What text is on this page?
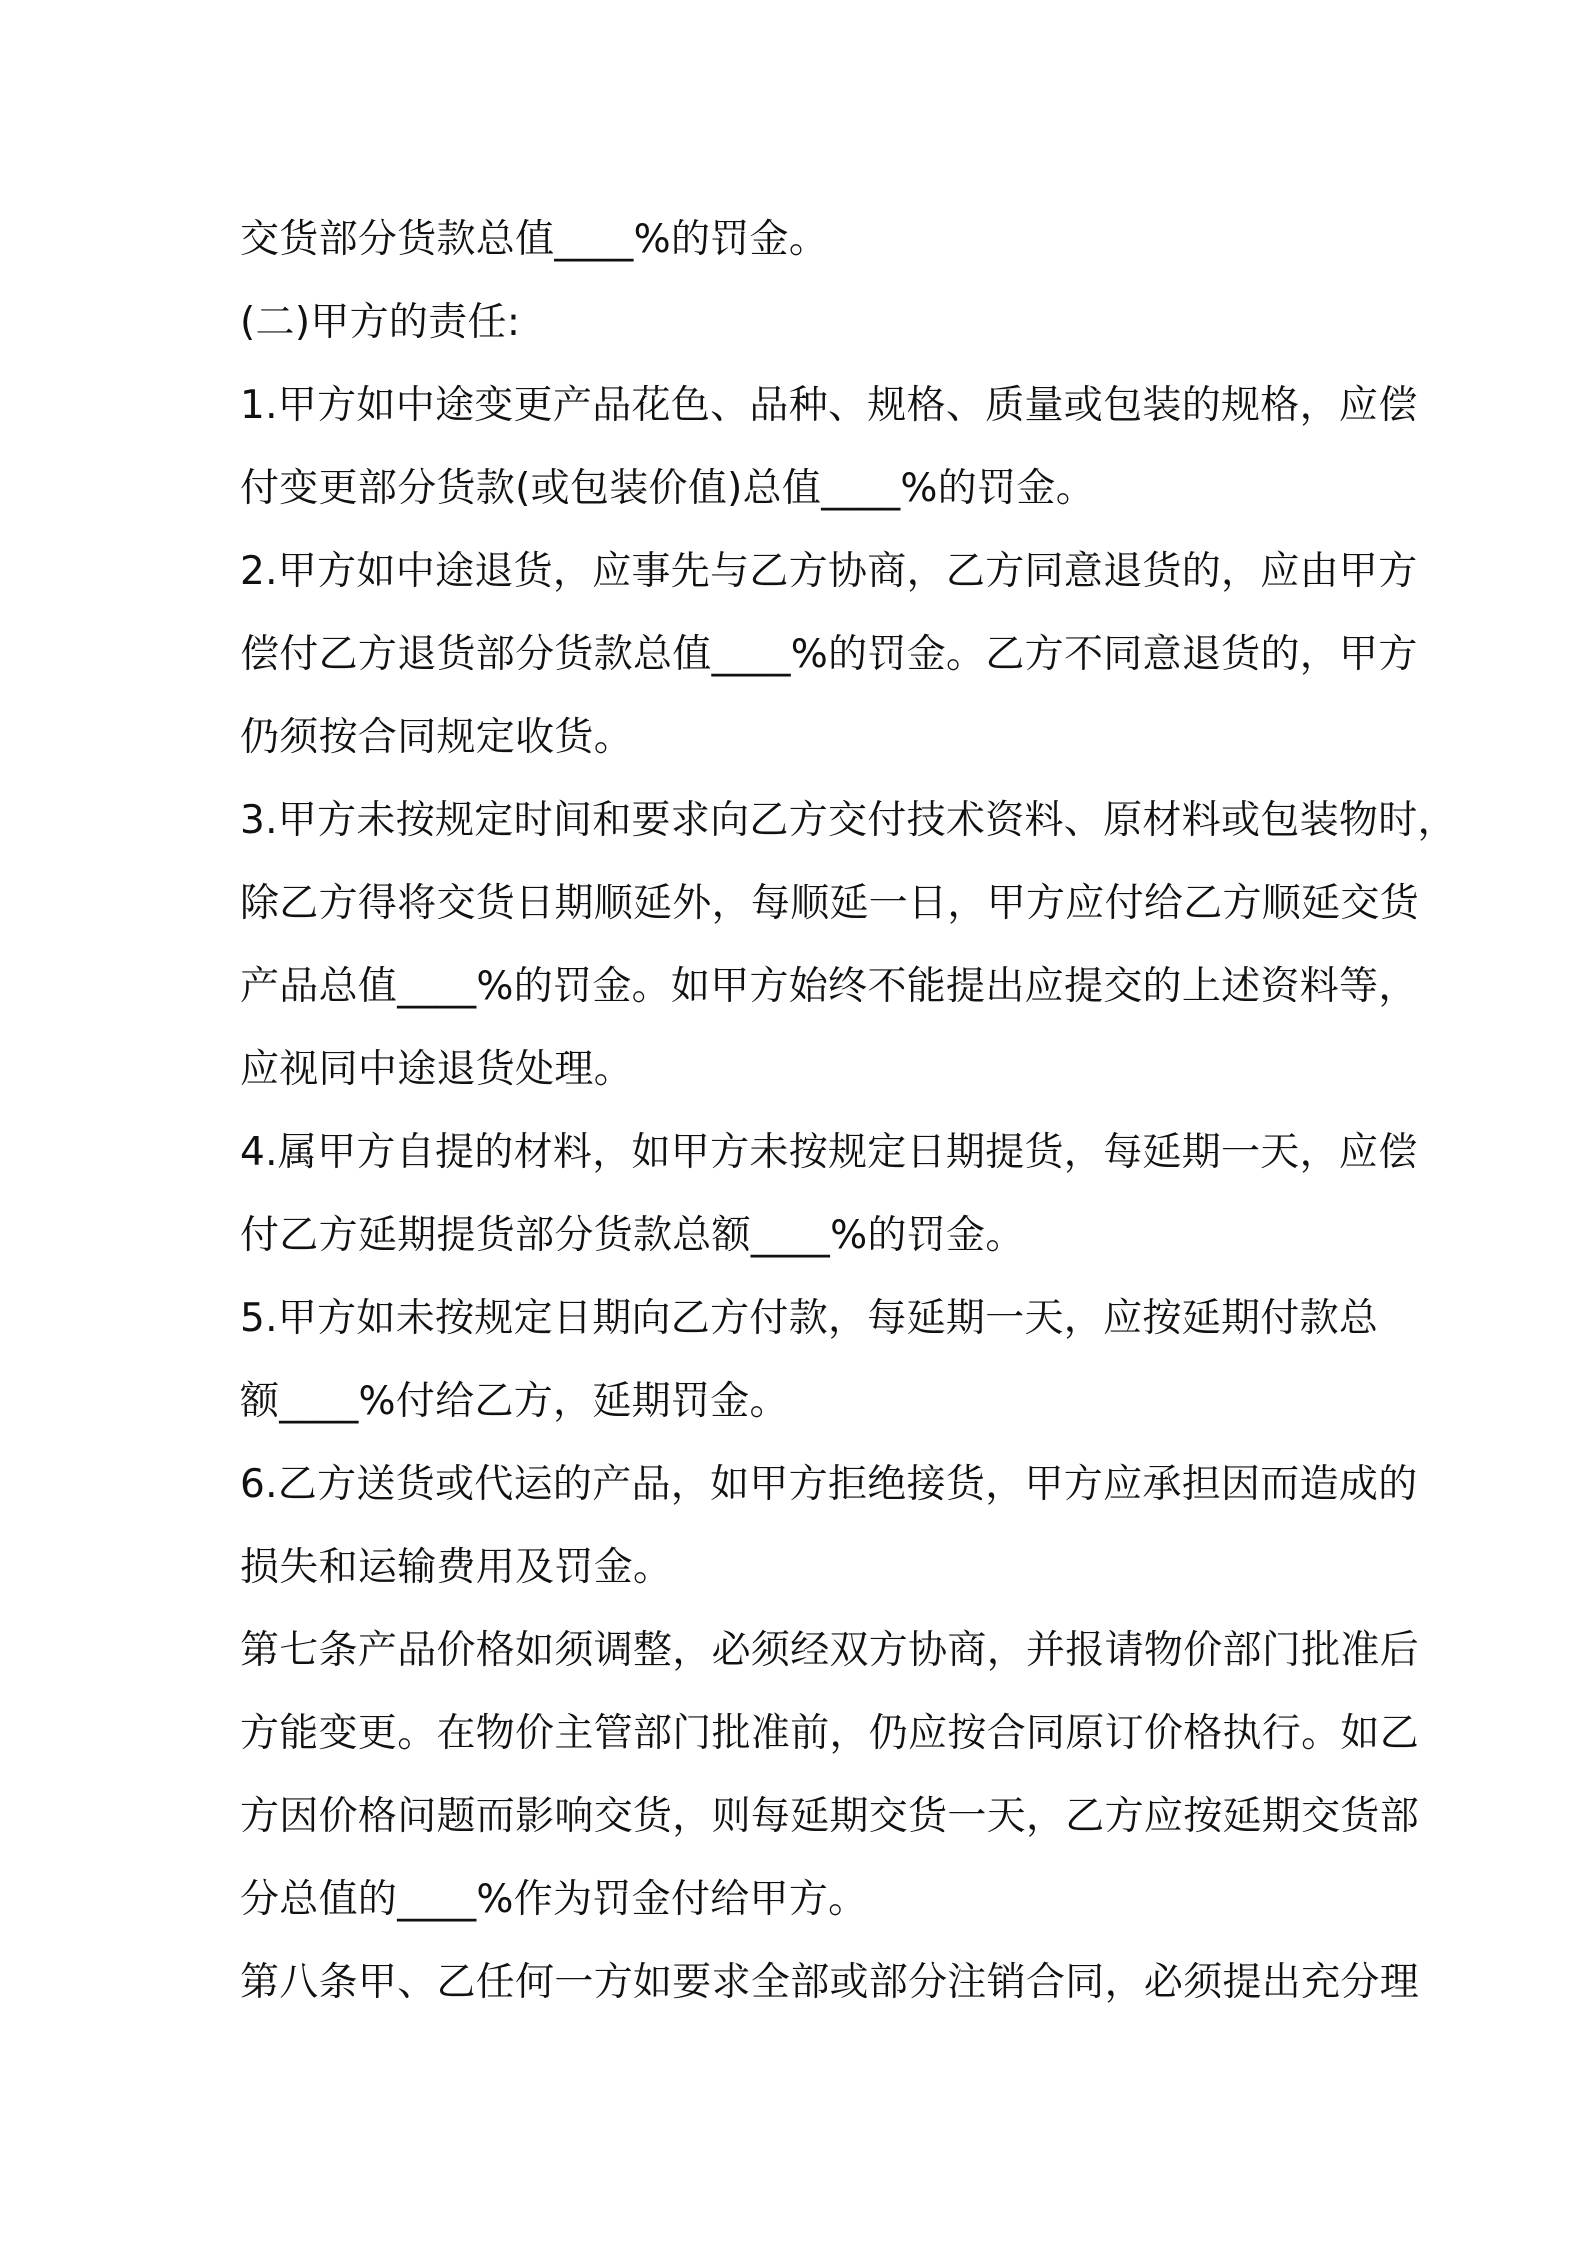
交货部分货款总值____%的罚金。
(二)甲方的责任:
1.甲方如中途变更产品花色、品种、规格、质量或包装的规格，应偿
付变更部分货款(或包装价值)总值____%的罚金。
2.甲方如中途退货，应事先与乙方协商，乙方同意退货的，应由甲方
偿付乙方退货部分货款总值____%的罚金。乙方不同意退货的，甲方
仍须按合同规定收货。
3.甲方未按规定时间和要求向乙方交付技术资料、原材料或包装物时，
除乙方得将交货日期顺延外，每顺延一日，甲方应付给乙方顺延交货
产品总值____%的罚金。如甲方始终不能提出应提交的上述资料等，
应视同中途退货处理。
4.属甲方自提的材料，如甲方未按规定日期提货，每延期一天，应偿
付乙方延期提货部分货款总额____%的罚金。
5.甲方如未按规定日期向乙方付款，每延期一天，应按延期付款总
额____%付给乙方，延期罚金。
6.乙方送货或代运的产品，如甲方拒绝接货，甲方应承担因而造成的
损失和运输费用及罚金。
第七条产品价格如须调整，必须经双方协商，并报请物价部门批准后
方能变更。在物价主管部门批准前，仍应按合同原订价格执行。如乙
方因价格问题而影响交货，则每延期交货一天，乙方应按延期交货部
分总值的____%作为罚金付给甲方。
第八条甲、乙任何一方如要求全部或部分注销合同，必须提出充分理
